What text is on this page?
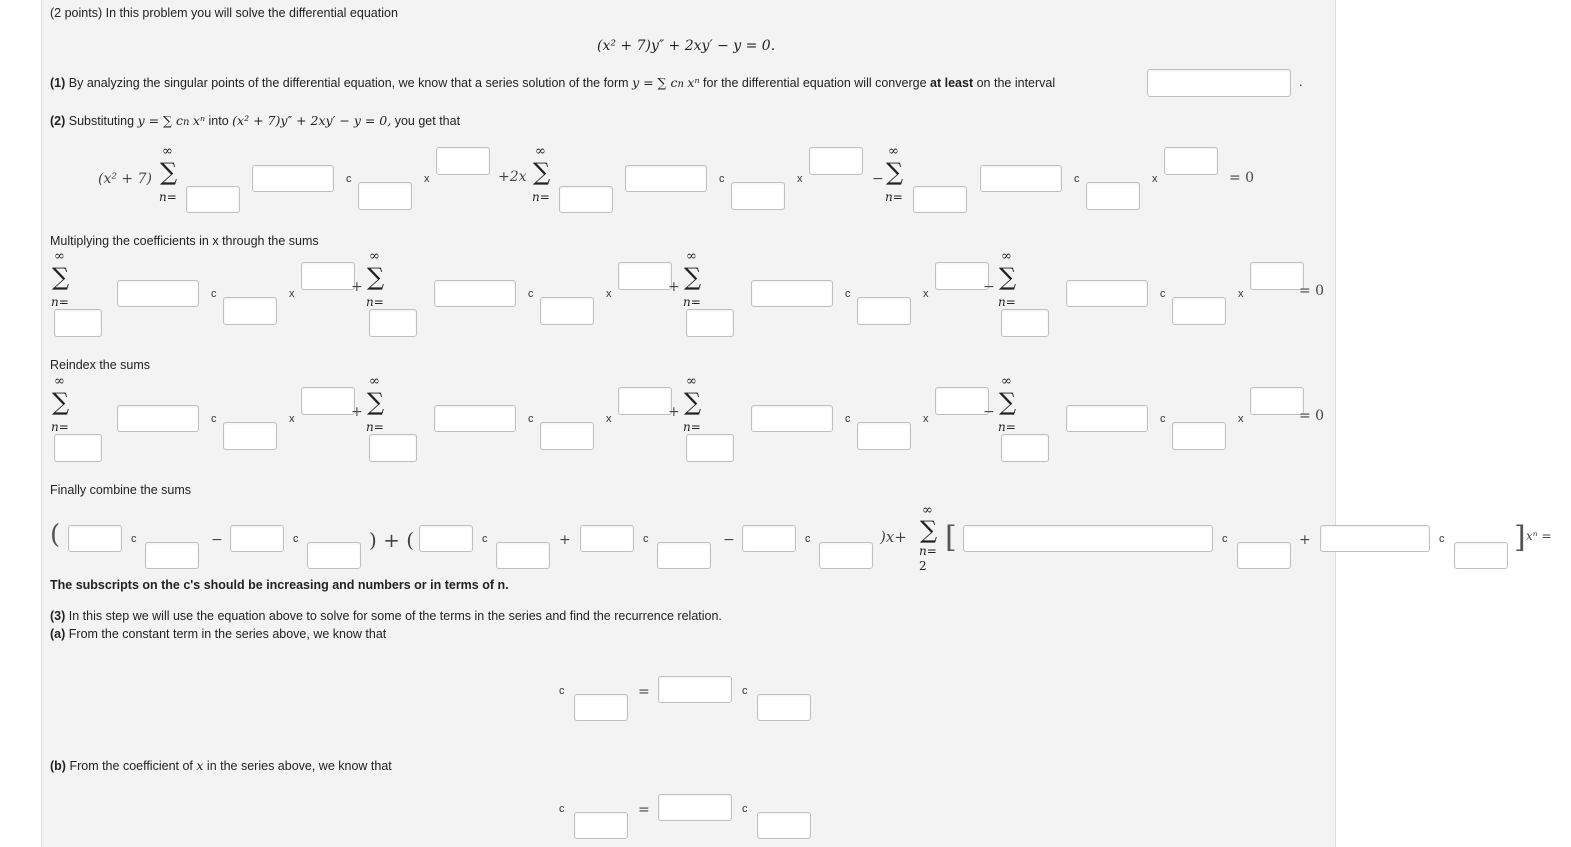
(2 points) In this problem you will solve the differential equation
(x² + 7)y″ + 2xy′ − y = 0.
(1) By analyzing the singular points of the differential equation, we know that a series solution of the form y = ∑ cn xⁿ for the differential equation will converge at least on the interval	.
(2) Substituting y = ∑ cn xⁿ into (x² + 7)y″ + 2xy′ − y = 0, you get that
Multiplying the coefficients in x through the sums
Reindex the sums
Finally combine the sums
The subscripts on the c's should be increasing and numbers or in terms of n.
(3) In this step we will use the equation above to solve for some of the terms in the series and find the recurrence relation.
(a) From the constant term in the series above, we know that
(b) From the coefficient of x in the series above, we know that
(x² + 7)
∞
∑
n=
c	x	+2x
∞
∑
n=
c	x	−
∞
∑
n=
c	x	= 0
∞
∑
n=
c	x	+
∞
∑
n=
c	x	+
∞
∑
n=
c	x	−
∞
∑
n=
c	x	= 0
∞
∑
n=
c	x	+
∞
∑
n=
c	x	+
∞
∑
n=
c	x	−
∞
∑
n=
c	x	= 0
(	c	−	c	) + (	c	+	c	−	c	)x+
∞
∑
n=
2
[	c	+	c ] xⁿ =
c	=	c
c	=	c
